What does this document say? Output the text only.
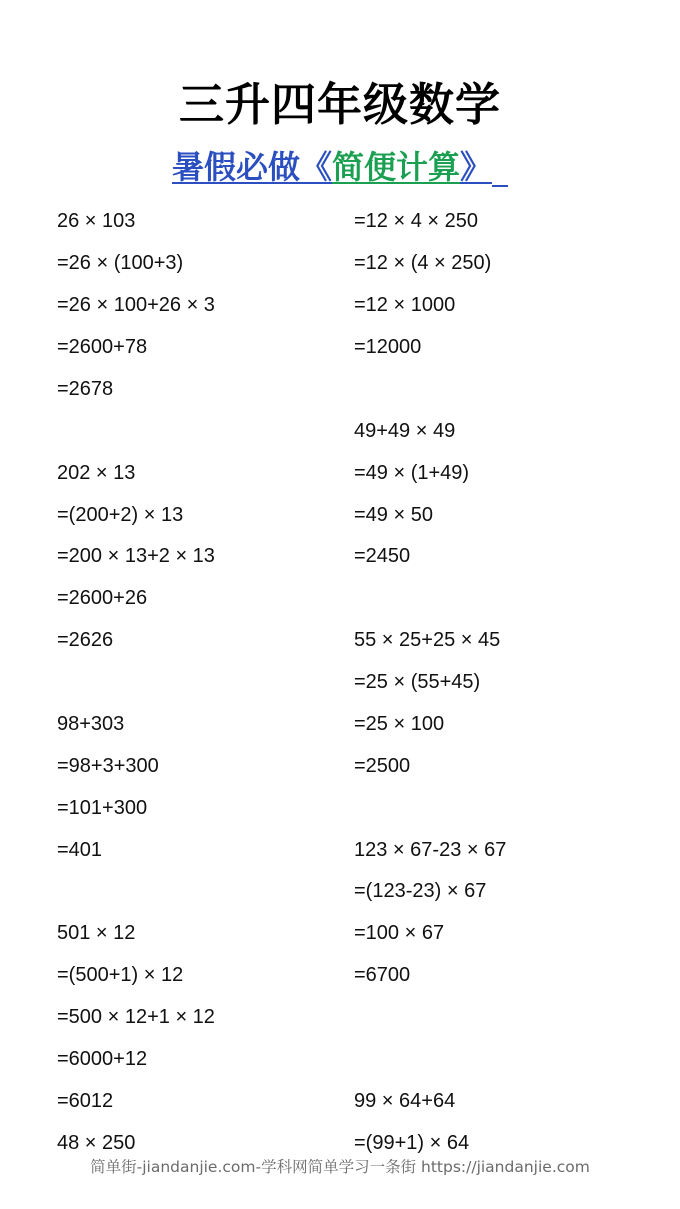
三升四年级数学
暑假必做《简便计算》
26 × 103
=26 × (100+3)
=26 × 100+26 × 3
=2600+78
=2678
202 × 13
=(200+2) × 13
=200 × 13+2 × 13
=2600+26
=2626
98+303
=98+3+300
=101+300
=401
501 × 12
=(500+1) × 12
=500 × 12+1 × 12
=6000+12
=6012
48 × 250
=12 × 4 × 250
=12 × (4 × 250)
=12 × 1000
=12000
49+49 × 49
=49 × (1+49)
=49 × 50
=2450
55 × 25+25 × 45
=25 × (55+45)
=25 × 100
=2500
123 × 67-23 × 67
=(123-23) × 67
=100 × 67
=6700
99 × 64+64
=(99+1) × 64
简单街-jiandanjie.com-学科网简单学习一条街 https://jiandanjie.com
